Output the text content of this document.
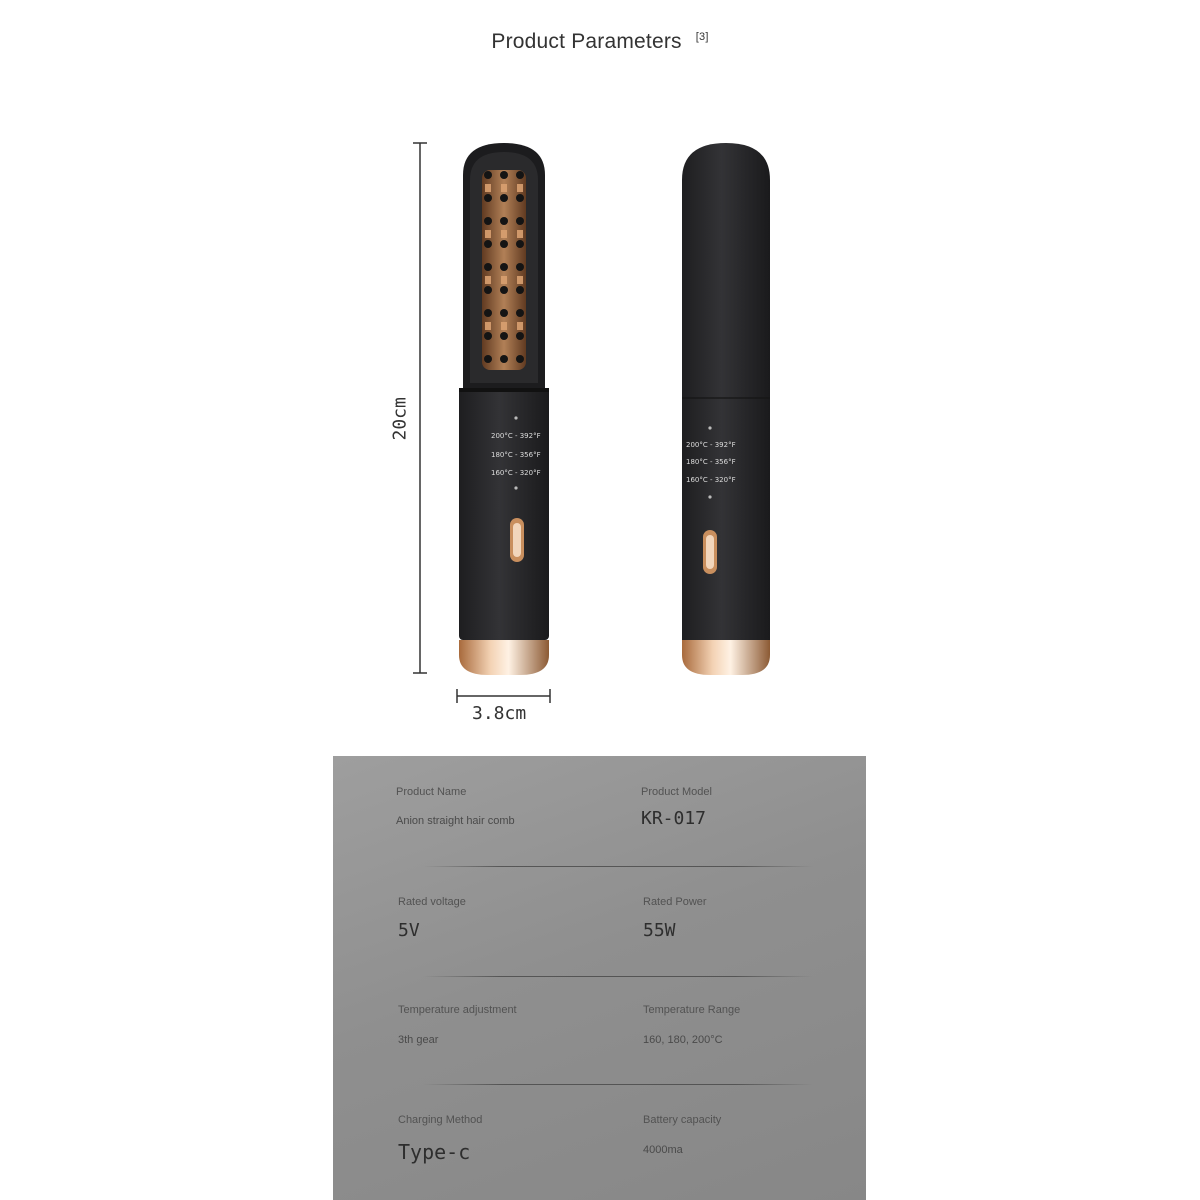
Product Parameters [3]
3.8cm
20cm	200°C - 392°F
180°C - 356°F
160°C - 320°F
200°C - 392°F
180°C - 356°F
160°C - 320°F
Product Name
Anion straight hair comb
Product Model
KR-017
Rated voltage
5V
Rated Power
55W
Temperature adjustment
3th gear
Temperature Range
160, 180, 200°C
Charging Method
Type-c
Battery capacity
4000ma
